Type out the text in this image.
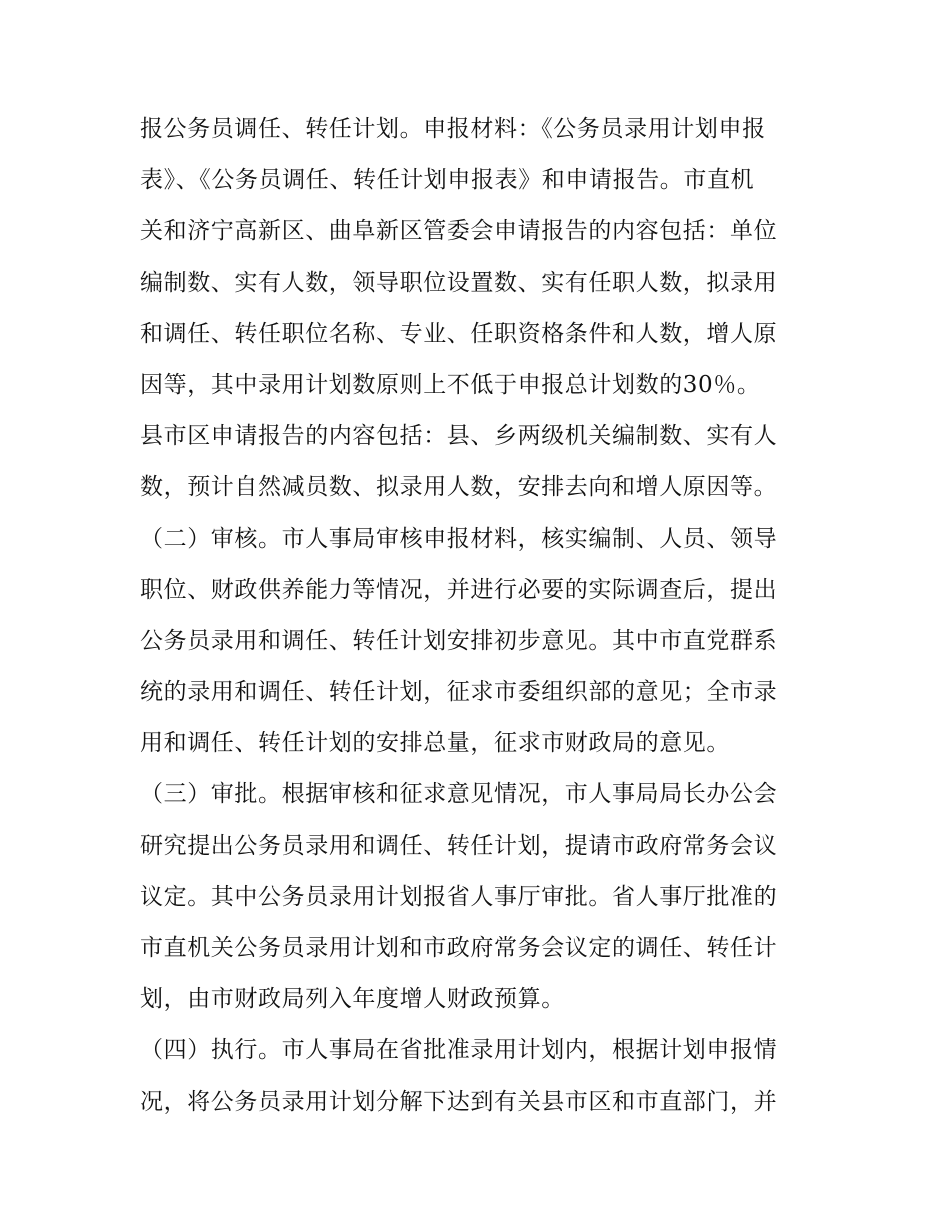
报公务员调任、转任计划。申报材料：《公务员录用计划申报
表》、《公务员调任、转任计划申报表》和申请报告。市直机
关和济宁高新区、曲阜新区管委会申请报告的内容包括：单位
编制数、实有人数，领导职位设置数、实有任职人数，拟录用
和调任、转任职位名称、专业、任职资格条件和人数，增人原
因等，其中录用计划数原则上不低于申报总计划数的30％。
县市区申请报告的内容包括：县、乡两级机关编制数、实有人
数，预计自然减员数、拟录用人数，安排去向和增人原因等。
（二）审核。市人事局审核申报材料，核实编制、人员、领导
职位、财政供养能力等情况，并进行必要的实际调查后，提出
公务员录用和调任、转任计划安排初步意见。其中市直党群系
统的录用和调任、转任计划，征求市委组织部的意见；全市录
用和调任、转任计划的安排总量，征求市财政局的意见。
（三）审批。根据审核和征求意见情况，市人事局局长办公会
研究提出公务员录用和调任、转任计划，提请市政府常务会议
议定。其中公务员录用计划报省人事厅审批。省人事厅批准的
市直机关公务员录用计划和市政府常务会议定的调任、转任计
划，由市财政局列入年度增人财政预算。
（四）执行。市人事局在省批准录用计划内，根据计划申报情
况，将公务员录用计划分解下达到有关县市区和市直部门，并
